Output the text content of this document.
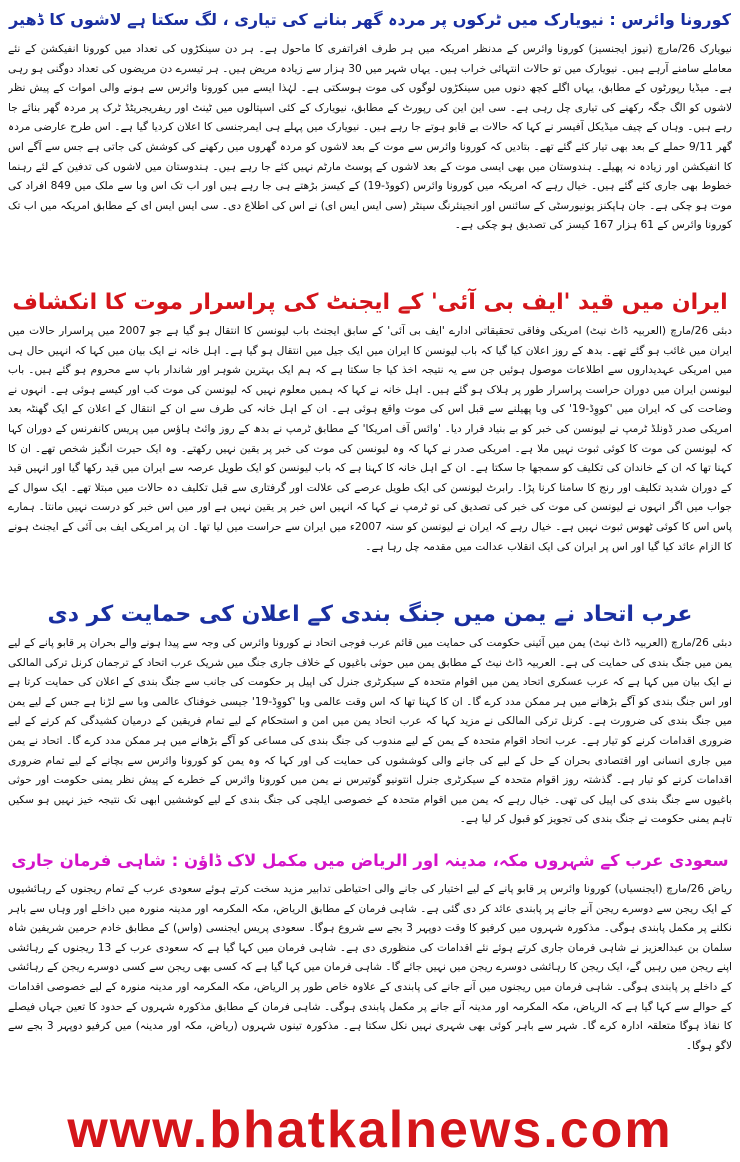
کورونا وائرس : نیویارک میں ٹرکوں پر مردہ گھر بنانے کی تیاری ، لگ سکتا ہے لاشوں کا ڈھیر

نیویارک 26/مارچ (نیوز ایجنسیز) کورونا وائرس کے مدنظر امریکہ میں ہر طرف افراتفری کا ماحول ہے۔ ہر دن سینکڑوں کی تعداد میں کورونا انفیکشن کے نئے معاملے سامنے آرہے ہیں۔ نیویارک میں تو حالات انتہائی خراب ہیں۔ یہاں شہر میں 30 ہزار سے زیادہ مریض ہیں۔ ہر تیسرے دن مریضوں کی تعداد دوگنی ہو رہی ہے۔ میڈیا رپورٹوں کے مطابق، یہاں اگلے کچھ دنوں میں سینکڑوں لوگوں کی موت ہوسکتی ہے۔ لہٰذا ایسے میں کورونا وائرس سے ہونے والی اموات کے پیش نظر لاشوں کو الگ جگہ رکھنے کی تیاری چل رہی ہے۔ سی این این کی رپورٹ کے مطابق، نیویارک کے کئی اسپتالوں میں ٹینٹ اور ریفریجریٹڈ ٹرک پر مردہ گھر بنائے جا رہے ہیں۔ وہاں کے چیف میڈیکل آفیسر نے کہا کہ حالات بے قابو ہوتے جا رہے ہیں۔ نیویارک میں پہلے ہی ایمرجنسی کا اعلان کردیا گیا ہے۔ اس طرح عارضی مردہ گھر 9/11 حملے کے بعد بھی تیار کئے گئے تھے۔ بتادیں کہ کورونا وائرس سے موت کے بعد لاشوں کو مردہ گھروں میں رکھنے کی کوشش کی جاتی ہے جس سے آگے اس کا انفیکشن اور زیادہ نہ پھیلے۔ ہندوستان میں بھی ایسی موت کے بعد لاشوں کے پوسٹ مارٹم نہیں کئے جا رہے ہیں۔ ہندوستان میں لاشوں کی تدفین کے لئے رہنما خطوط بھی جاری کئے گئے ہیں۔ خیال رہے کہ امریکہ میں کورونا وائرس (کووڈ-19) کے کیسز بڑھتے ہی جا رہے ہیں اور اب تک اس وبا سے ملک میں 849 افراد کی موت ہو چکی ہے۔ جان ہاپکنز یونیورسٹی کے سائنس اور انجینئرنگ سینٹر (سی ایس ایس ای) نے اس کی اطلاع دی۔ سی ایس ایس ای کے مطابق امریکہ میں اب تک کورونا وائرس کے 61 ہزار 167 کیسز کی تصدیق ہو چکی ہے۔

ایران میں قید 'ایف بی آئی' کے ایجنٹ کی پراسرار موت کا انکشاف

دبئی 26/مارچ (العربیہ ڈاٹ نیٹ) امریکی وفاقی تحقیقاتی ادارے 'ایف بی آئی' کے سابق ایجنٹ باب لیونسن کا انتقال ہو گیا ہے جو 2007 میں پراسرار حالات میں ایران میں غائب ہو گئے تھے۔ بدھ کے روز اعلان کیا گیا کہ باب لیونسن کا ایران میں ایک جیل میں انتقال ہو گیا ہے۔ اہل خانہ نے ایک بیان میں کہا کہ انہیں حال ہی میں امریکی عہدیداروں سے اطلاعات موصول ہوئیں جن سے یہ نتیجہ اخذ کیا جا سکتا ہے کہ ہم ایک بہترین شوہر اور شاندار باپ سے محروم ہو گئے ہیں۔ باب لیونسن ایران میں دوران حراست پراسرار طور پر ہلاک ہو گئے ہیں۔ اہل خانہ نے کہا کہ ہمیں معلوم نہیں کہ لیونسن کی موت کب اور کیسے ہوئی ہے۔ انہوں نے وضاحت کی کہ ایران میں 'کووِڈ-19' کی وبا پھیلنے سے قبل اس کی موت واقع ہوئی ہے۔ ان کے اہل خانہ کی طرف سے ان کے انتقال کے اعلان کے ایک گھنٹہ بعد امریکی صدر ڈونلڈ ٹرمپ نے لیونسن کی خبر کو بے بنیاد قرار دیا۔ 'وائس آف امریکا' کے مطابق ٹرمپ نے بدھ کے روز وائٹ ہاؤس میں پریس کانفرنس کے دوران کہا کہ لیونسن کی موت کا کوئی ثبوت نہیں ملا ہے۔ امریکی صدر نے کہا کہ وہ لیونسن کی موت کی خبر پر یقین نہیں رکھتے۔ وہ ایک حیرت انگیز شخص تھے۔ ان کا کہنا تھا کہ ان کے خاندان کی تکلیف کو سمجھا جا سکتا ہے۔ ان کے اہل خانہ کا کہنا ہے کہ باب لیونسن کو ایک طویل عرصہ سے ایران میں قید رکھا گیا اور انہیں قید کے دوران شدید تکلیف اور رنج کا سامنا کرنا پڑا۔ رابرٹ لیونسن کی ایک طویل عرصے کی علالت اور گرفتاری سے قبل تکلیف دہ حالات میں مبتلا تھے۔ ایک سوال کے جواب میں اگر انہوں نے لیونسن کی موت کی خبر کی تصدیق کی تو ٹرمپ نے کہا کہ انہیں اس خبر پر یقین نہیں ہے اور میں اس خبر کو درست نہیں مانتا۔ ہمارے پاس اس کا کوئی ٹھوس ثبوت نہیں ہے۔ خیال رہے کہ ایران نے لیونسن کو سنہ 2007ء میں ایران سے حراست میں لیا تھا۔ ان پر امریکی ایف بی آئی کے ایجنٹ ہونے کا الزام عائد کیا گیا اور اس پر ایران کی ایک انقلاب عدالت میں مقدمہ چل رہا ہے۔

عرب اتحاد نے یمن میں جنگ بندی کے اعلان کی حمایت کر دی

دبئی 26/مارچ (العربیہ ڈاٹ نیٹ) یمن میں آئینی حکومت کی حمایت میں قائم عرب فوجی اتحاد نے کورونا وائرس کی وجہ سے پیدا ہونے والے بحران پر قابو پانے کے لیے یمن میں جنگ بندی کی حمایت کی ہے۔ العربیہ ڈاٹ نیٹ کے مطابق یمن میں حوثی باغیوں کے خلاف جاری جنگ میں شریک عرب اتحاد کے ترجمان کرنل ترکی المالکی نے ایک بیان میں کہا ہے کہ عرب عسکری اتحاد یمن میں اقوام متحدہ کے سیکرٹری جنرل کی اپیل پر حکومت کی جانب سے جنگ بندی کے اعلان کی حمایت کرتا ہے اور اس جنگ بندی کو آگے بڑھانے میں ہر ممکن مدد کرے گا۔ ان کا کہنا تھا کہ اس وقت عالمی وبا 'کووِڈ-19' جیسی خوفناک عالمی وبا سے لڑنا ہے جس کے لیے یمن میں جنگ بندی کی ضرورت ہے۔ کرنل ترکی المالکی نے مزید کہا کہ عرب اتحاد یمن میں امن و استحکام کے لیے تمام فریقین کے درمیان کشیدگی کم کرنے کے لیے ضروری اقدامات کرنے کو تیار ہے۔ عرب اتحاد اقوام متحدہ کے یمن کے لیے مندوب کی جنگ بندی کی مساعی کو آگے بڑھانے میں ہر ممکن مدد کرے گا۔ اتحاد نے یمن میں جاری انسانی اور اقتصادی بحران کے حل کے لیے کی جانے والی کوششوں کی حمایت کی اور کہا کہ وہ یمن کو کورونا وائرس سے بچانے کے لیے تمام ضروری اقدامات کرنے کو تیار ہے۔ گذشتہ روز اقوام متحدہ کے سیکرٹری جنرل انتونیو گوتیرس نے یمن میں کورونا وائرس کے خطرے کے پیش نظر یمنی حکومت اور حوثی باغیوں سے جنگ بندی کی اپیل کی تھی۔ خیال رہے کہ یمن میں اقوام متحدہ کے خصوصی ایلچی کی جنگ بندی کے لیے کوششیں ابھی تک نتیجہ خیز نہیں ہو سکیں تاہم یمنی حکومت نے جنگ بندی کی تجویز کو قبول کر لیا ہے۔

سعودی عرب کے شہروں مکہ، مدینہ اور الریاض میں مکمل لاک ڈاؤن : شاہی فرمان جاری

ریاض 26/مارچ (ایجنسیاں) کورونا وائرس پر قابو پانے کے لیے اختیار کی جانے والی احتیاطی تدابیر مزید سخت کرتے ہوئے سعودی عرب کے تمام ریجنوں کے رہائشیوں کے ایک ریجن سے دوسرے ریجن آنے جانے پر پابندی عائد کر دی گئی ہے۔ شاہی فرمان کے مطابق الریاض، مکہ المکرمہ اور مدینہ منورہ میں داخلے اور وہاں سے باہر نکلنے پر مکمل پابندی ہوگی۔ مذکورہ شہروں میں کرفیو کا وقت دوپہر 3 بجے سے شروع ہوگا۔ سعودی پریس ایجنسی (واس) کے مطابق خادم حرمین شریفین شاہ سلمان بن عبدالعزیز نے شاہی فرمان جاری کرتے ہوئے نئے اقدامات کی منظوری دی ہے۔ شاہی فرمان میں کہا گیا ہے کہ سعودی عرب کے 13 ریجنوں کے رہائشی اپنے ریجن میں رہیں گے، ایک ریجن کا رہائشی دوسرے ریجن میں نہیں جائے گا۔ شاہی فرمان میں کہا گیا ہے کہ کسی بھی ریجن سے کسی دوسرے ریجن کے رہائشی کے داخلے پر پابندی ہوگی۔ شاہی فرمان میں ریجنوں میں آنے جانے کی پابندی کے علاوہ خاص طور پر الریاض، مکہ المکرمہ اور مدینہ منورہ کے لیے خصوصی اقدامات کے حوالے سے کہا گیا ہے کہ الریاض، مکہ المکرمہ اور مدینہ آنے جانے پر مکمل پابندی ہوگی۔ شاہی فرمان کے مطابق مذکورہ شہروں کے حدود کا تعین جہاں فیصلے کا نفاذ ہوگا متعلقہ ادارہ کرے گا۔ شہر سے باہر کوئی بھی شہری نہیں نکل سکتا ہے۔ مذکورہ تینوں شہروں (ریاض، مکہ اور مدینہ) میں کرفیو دوپہر 3 بجے سے لاگو ہوگا۔

www.bhatkalnews.com
